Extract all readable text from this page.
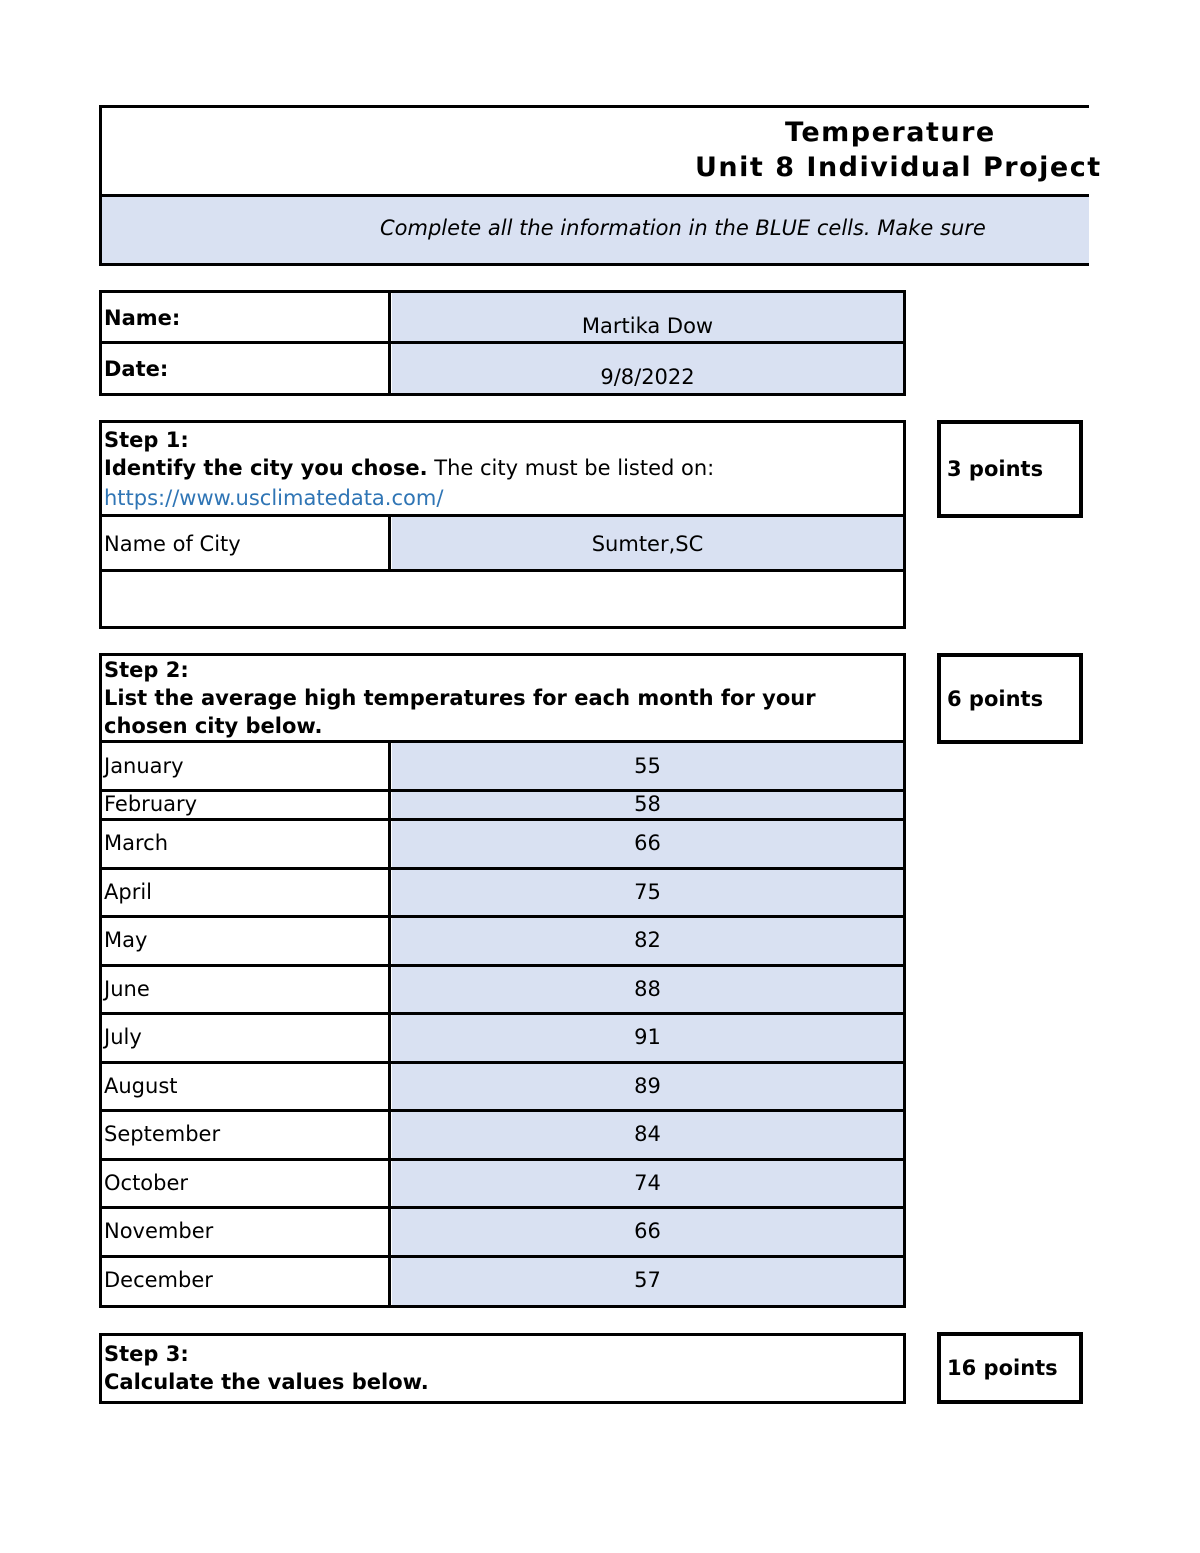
Temperature
Unit 8 Individual Project
Complete all the information in the BLUE cells. Make sure
Name:	Martika Dow
Date:	9/8/2022
Step 1:
Identify the city you chose. The city must be listed on:
https://www.usclimatedata.com/
Name of City	Sumter,SC
3 points
Step 2:
List the average high temperatures for each month for your
chosen city below.
January	55
February	58
March	66
April	75
May	82
June	88
July	91
August	89
September	84
October	74
November	66
December	57
6 points
Step 3:
Calculate the values below.
16 points
